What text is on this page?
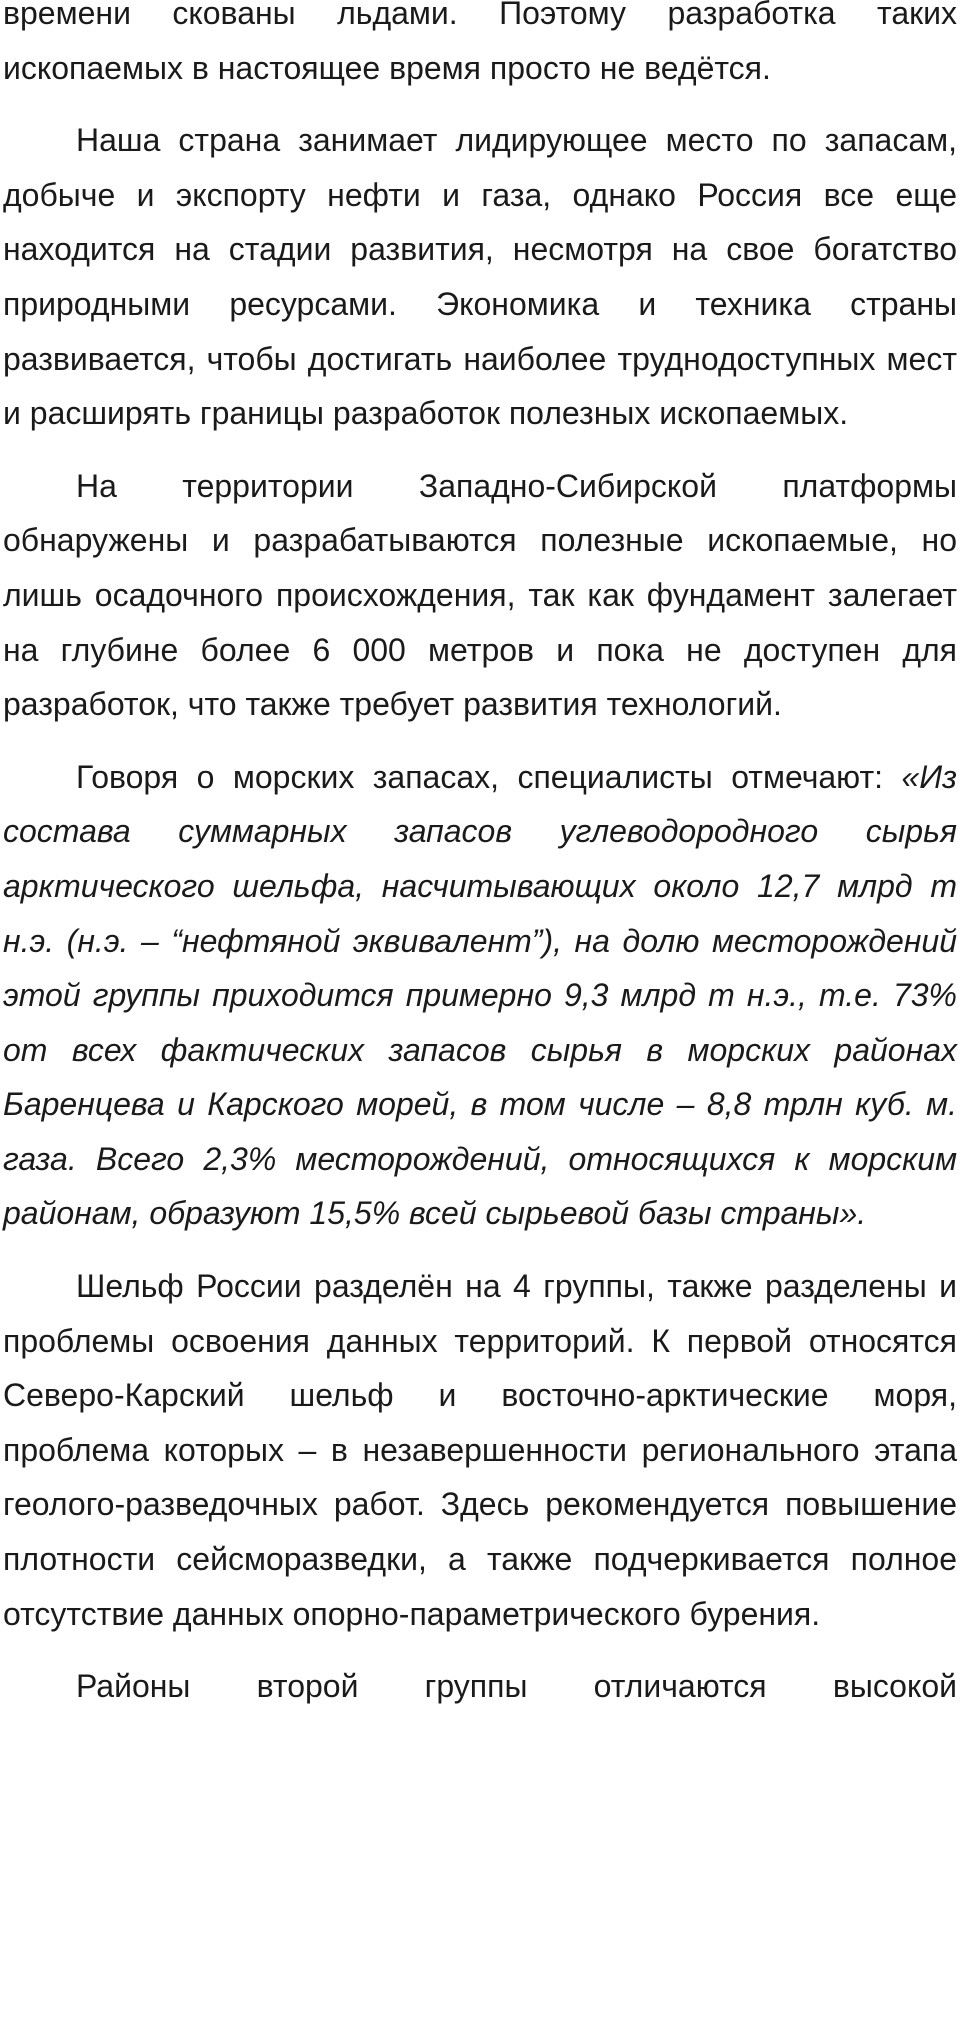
времени скованы льдами. Поэтому разработка таких ископаемых в настоящее время просто не ведётся.

Наша страна занимает лидирующее место по запасам, добыче и экспорту нефти и газа, однако Россия все еще находится на стадии развития, несмотря на свое богатство природными ресурсами. Экономика и техника страны развивается, чтобы достигать наиболее труднодоступных мест и расширять границы разработок полезных ископаемых.

На территории Западно-Сибирской платформы обнаружены и разрабатываются полезные ископаемые, но лишь осадочного происхождения, так как фундамент залегает на глубине более 6 000 метров и пока не доступен для разработок, что также требует развития технологий.

Говоря о морских запасах, специалисты отмечают: «Из состава суммарных запасов углеводородного сырья арктического шельфа, насчитывающих около 12,7 млрд т н.э. (н.э. – “нефтяной эквивалент”), на долю месторождений этой группы приходится примерно 9,3 млрд т н.э., т.е. 73% от всех фактических запасов сырья в морских районах Баренцева и Карского морей, в том числе – 8,8 трлн куб. м. газа. Всего 2,3% месторождений, относящихся к морским районам, образуют 15,5% всей сырьевой базы страны».

Шельф России разделён на 4 группы, также разделены и проблемы освоения данных территорий. К первой относятся Северо-Карский шельф и восточно-арктические моря, проблема которых – в незавершенности регионального этапа геолого-разведочных работ. Здесь рекомендуется повышение плотности сейсморазведки, а также подчеркивается полное отсутствие данных опорно-параметрического бурения.

Районы второй группы отличаются высокой
